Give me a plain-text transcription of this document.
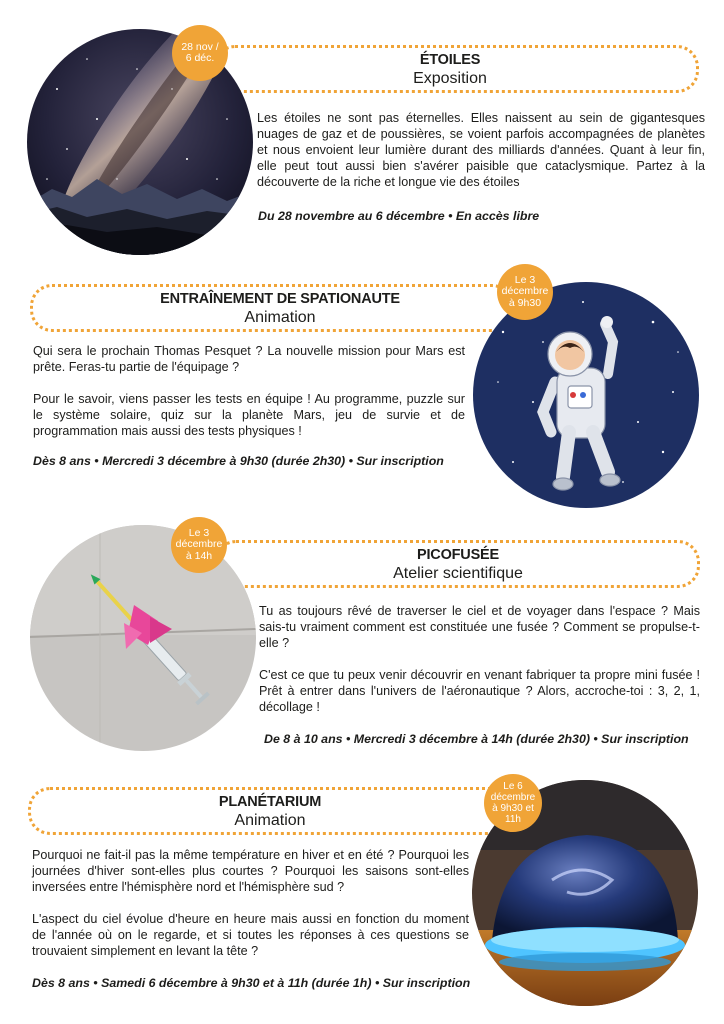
ÉTOILES
Exposition
28 nov /
6 déc.

Les étoiles ne sont pas éternelles. Elles naissent au sein de gigantesques nuages de gaz et de poussières, se voient parfois accompagnées de planètes et nous envoient leur lumière durant des milliards d'années. Quant à leur fin, elle peut tout aussi bien s'avérer paisible que cataclysmique. Partez à la découverte de la riche et longue vie des étoiles

Du 28 novembre au 6 décembre • En accès libre
ENTRAÎNEMENT DE SPATIONAUTE
Animation
Le 3
décembre
à 9h30

Qui sera le prochain Thomas Pesquet ? La nouvelle mission pour Mars est prête. Feras-tu partie de l'équipage ?

Pour le savoir, viens passer les tests en équipe ! Au programme, puzzle sur le système solaire, quiz sur la planète Mars, jeu de survie et de programmation mais aussi des tests physiques !

Dès 8 ans • Mercredi 3 décembre à 9h30 (durée 2h30) • Sur inscription
PICOFUSÉE
Atelier scientifique
Le 3
décembre
à 14h

Tu as toujours rêvé de traverser le ciel et de voyager dans l'espace ? Mais sais-tu vraiment comment est constituée une fusée ? Comment se propulse-t-elle ?

C'est ce que tu peux venir découvrir en venant fabriquer ta propre mini fusée ! Prêt à entrer dans l'univers de l'aéronautique ? Alors, accroche-toi : 3, 2, 1, décollage !

De 8 à 10 ans • Mercredi 3 décembre à 14h (durée 2h30) • Sur inscription
PLANÉTARIUM
Animation
Le 6
décembre
à 9h30 et
11h

Pourquoi ne fait-il pas la même température en hiver et en été ? Pourquoi les journées d'hiver sont-elles plus courtes ? Pourquoi les saisons sont-elles inversées entre l'hémisphère nord et l'hémisphère sud ?

L'aspect du ciel évolue d'heure en heure mais aussi en fonction du moment de l'année où on le regarde, et si toutes les réponses à ces questions se trouvaient simplement en levant la tête ?

Dès 8 ans • Samedi 6 décembre à 9h30 et à 11h (durée 1h) • Sur inscription
